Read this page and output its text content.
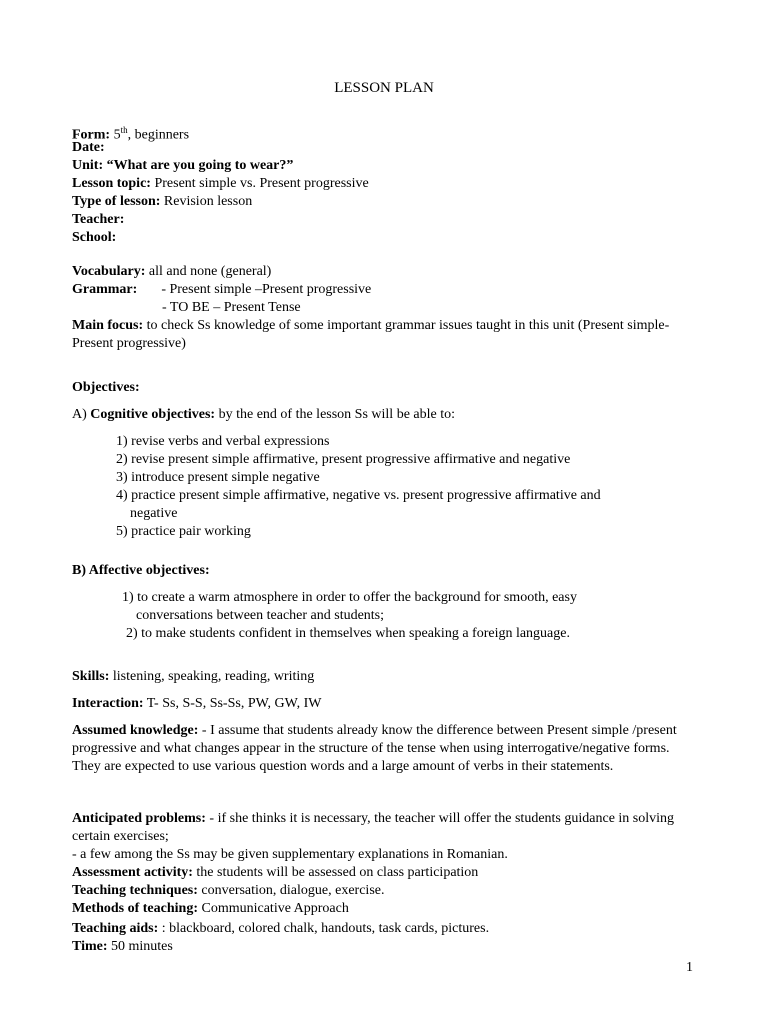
LESSON PLAN
Form: 5th, beginners
Date:
Unit: “What are you going to wear?”
Lesson topic: Present simple vs. Present progressive
Type of lesson: Revision lesson
Teacher:
School:
Vocabulary: all and none (general)
Grammar: - Present simple –Present progressive
- TO BE – Present Tense
Main focus: to check Ss knowledge of some important grammar issues taught in this unit (Present simple- Present progressive)
Objectives:
A) Cognitive objectives: by the end of the lesson Ss will be able to:
1) revise verbs and verbal expressions
2) revise present simple affirmative, present progressive affirmative and negative
3) introduce present simple negative
4) practice present simple affirmative, negative vs. present progressive affirmative and
negative
5) practice pair working
B) Affective objectives:
1) to create a warm atmosphere in order to offer the background for smooth, easy
conversations between teacher and students;
2) to make students confident in themselves when speaking a foreign language.
Skills: listening, speaking, reading, writing
Interaction: T- Ss, S-S, Ss-Ss, PW, GW, IW
Assumed knowledge: - I assume that students already know the difference between Present simple /present progressive and what changes appear in the structure of the tense when using interrogative/negative forms. They are expected to use various question words and a large amount of verbs in their statements.
Anticipated problems: - if she thinks it is necessary, the teacher will offer the students guidance in solving certain exercises;
- a few among the Ss may be given supplementary explanations in Romanian.
Assessment activity: the students will be assessed on class participation
Teaching techniques: conversation, dialogue, exercise.
Methods of teaching: Communicative Approach
Teaching aids: : blackboard, colored chalk, handouts, task cards, pictures.
Time: 50 minutes
1
